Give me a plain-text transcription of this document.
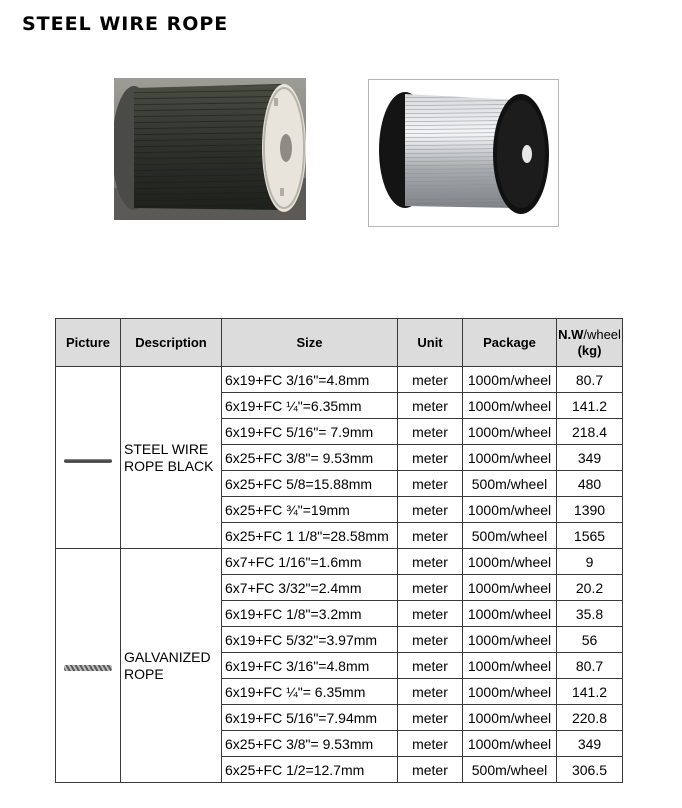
STEEL WIRE ROPE
Picture	Description	Size	Unit	Package	N.W/wheel
(kg)
	STEEL WIRE
ROPE BLACK	6x19+FC 3/16"=4.8mm	meter	1000m/wheel	80.7
		6x19+FC ¼"=6.35mm	meter	1000m/wheel	141.2
		6x19+FC 5/16"= 7.9mm	meter	1000m/wheel	218.4
		6x25+FC 3/8"= 9.53mm	meter	1000m/wheel	349
		6x25+FC 5/8=15.88mm	meter	500m/wheel	480
		6x25+FC ¾"=19mm	meter	1000m/wheel	1390
		6x25+FC 1 1/8"=28.58mm	meter	500m/wheel	1565
	GALVANIZED
ROPE	6x7+FC 1/16"=1.6mm	meter	1000m/wheel	9
		6x7+FC 3/32"=2.4mm	meter	1000m/wheel	20.2
		6x19+FC 1/8"=3.2mm	meter	1000m/wheel	35.8
		6x19+FC 5/32"=3.97mm	meter	1000m/wheel	56
		6x19+FC 3/16"=4.8mm	meter	1000m/wheel	80.7
		6x19+FC ¼"= 6.35mm	meter	1000m/wheel	141.2
		6x19+FC 5/16"=7.94mm	meter	1000m/wheel	220.8
		6x25+FC 3/8"= 9.53mm	meter	1000m/wheel	349
		6x25+FC 1/2=12.7mm	meter	500m/wheel	306.5
